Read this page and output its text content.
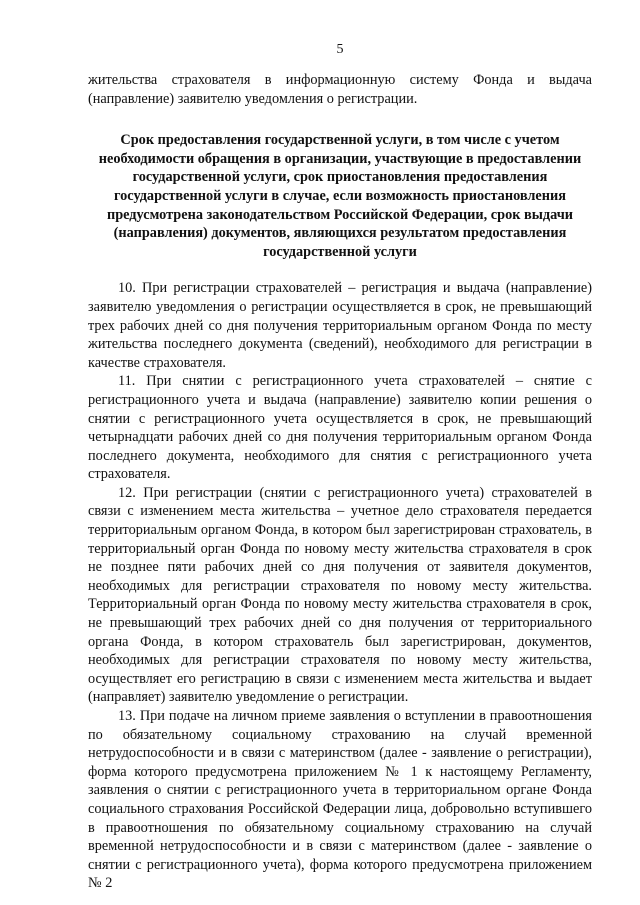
5

жительства страхователя в информационную систему Фонда и выдача (направление) заявителю уведомления о регистрации.

Срок предоставления государственной услуги, в том числе с учетом необходимости обращения в организации, участвующие в предоставлении государственной услуги, срок приостановления предоставления государственной услуги в случае, если возможность приостановления предусмотрена законодательством Российской Федерации, срок выдачи (направления) документов, являющихся результатом предоставления государственной услуги

10. При регистрации страхователей – регистрация и выдача (направление) заявителю уведомления о регистрации осуществляется в срок, не превышающий трех рабочих дней со дня получения территориальным органом Фонда по месту жительства последнего документа (сведений), необходимого для регистрации в качестве страхователя.

11. При снятии с регистрационного учета страхователей – снятие с регистрационного учета и выдача (направление) заявителю копии решения о снятии с регистрационного учета осуществляется в срок, не превышающий четырнадцати рабочих дней со дня получения территориальным органом Фонда последнего документа, необходимого для снятия с регистрационного учета страхователя.

12. При регистрации (снятии с регистрационного учета) страхователей в связи с изменением места жительства – учетное дело страхователя передается территориальным органом Фонда, в котором был зарегистрирован страхователь, в территориальный орган Фонда по новому месту жительства страхователя в срок не позднее пяти рабочих дней со дня получения от заявителя документов, необходимых для регистрации страхователя по новому месту жительства. Территориальный орган Фонда по новому месту жительства страхователя в срок, не превышающий трех рабочих дней со дня получения от территориального органа Фонда, в котором страхователь был зарегистрирован, документов, необходимых для регистрации страхователя по новому месту жительства, осуществляет его регистрацию в связи с изменением места жительства и выдает (направляет) заявителю уведомление о регистрации.

13. При подаче на личном приеме заявления о вступлении в правоотношения по обязательному социальному страхованию на случай временной нетрудоспособности и в связи с материнством (далее - заявление о регистрации), форма которого предусмотрена приложением № 1 к настоящему Регламенту, заявления о снятии с регистрационного учета в территориальном органе Фонда социального страхования Российской Федерации лица, добровольно вступившего в правоотношения по обязательному социальному страхованию на случай временной нетрудоспособности и в связи с материнством (далее - заявление о снятии с регистрационного учета), форма которого предусмотрена приложением № 2
